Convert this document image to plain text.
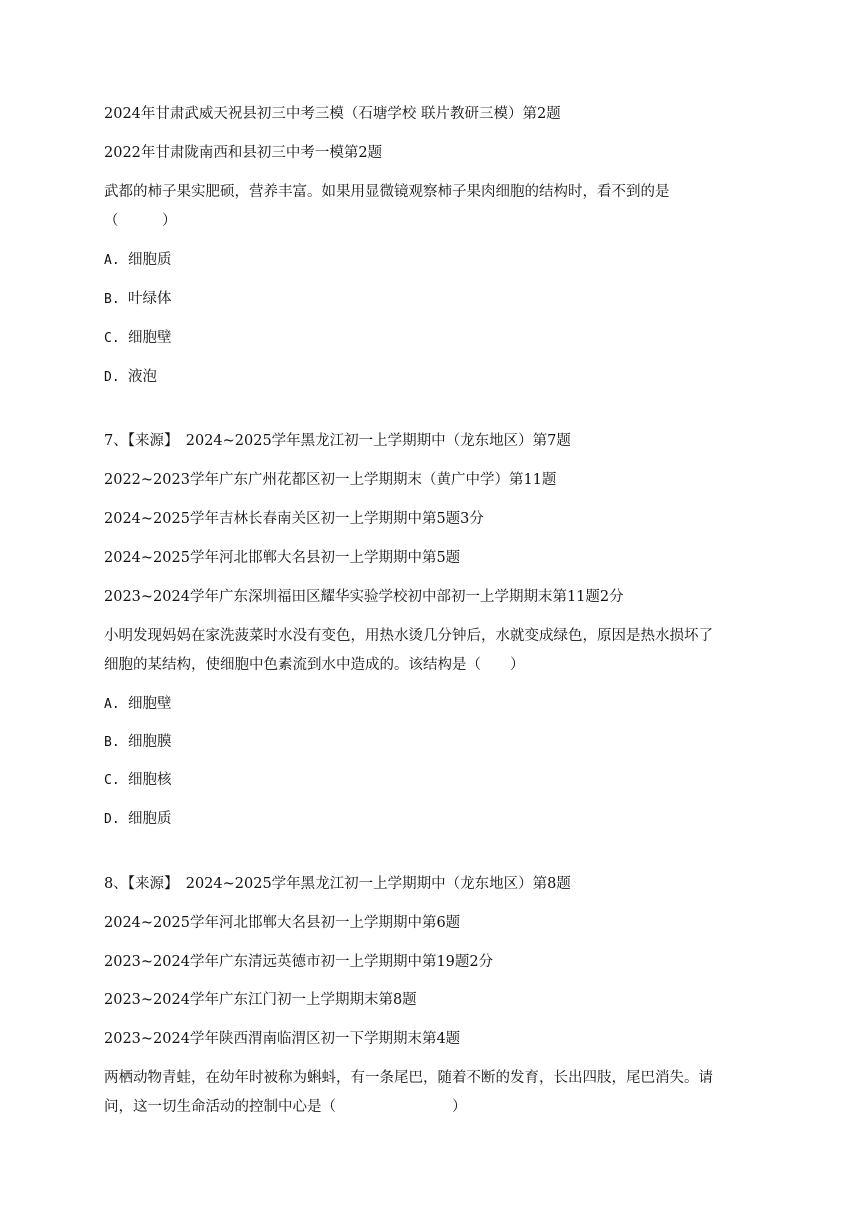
2024年甘肃武威天祝县初三中考三模（石塘学校 联片教研三模）第2题
2022年甘肃陇南西和县初三中考一模第2题
武都的柿子果实肥硕，营养丰富。如果用显微镜观察柿子果肉细胞的结构时，看不到的是
（　　　）
A. 细胞质
B. 叶绿体
C. 细胞壁
D. 液泡
7、【来源】　2024~2025学年黑龙江初一上学期期中（龙东地区）第7题
2022~2023学年广东广州花都区初一上学期期末（黄广中学）第11题
2024~2025学年吉林长春南关区初一上学期期中第5题3分
2024~2025学年河北邯郸大名县初一上学期期中第5题
2023~2024学年广东深圳福田区耀华实验学校初中部初一上学期期末第11题2分
小明发现妈妈在家洗菠菜时水没有变色，用热水烫几分钟后，水就变成绿色，原因是热水损坏了
细胞的某结构，使细胞中色素流到水中造成的。该结构是（　　）
A. 细胞壁
B. 细胞膜
C. 细胞核
D. 细胞质
8、【来源】　2024~2025学年黑龙江初一上学期期中（龙东地区）第8题
2024~2025学年河北邯郸大名县初一上学期期中第6题
2023~2024学年广东清远英德市初一上学期期中第19题2分
2023~2024学年广东江门初一上学期期末第8题
2023~2024学年陕西渭南临渭区初一下学期期末第4题
两栖动物青蛙，在幼年时被称为蝌蚪，有一条尾巴，随着不断的发育，长出四肢，尾巴消失。请
问，这一切生命活动的控制中心是（　　　　　　　　）
